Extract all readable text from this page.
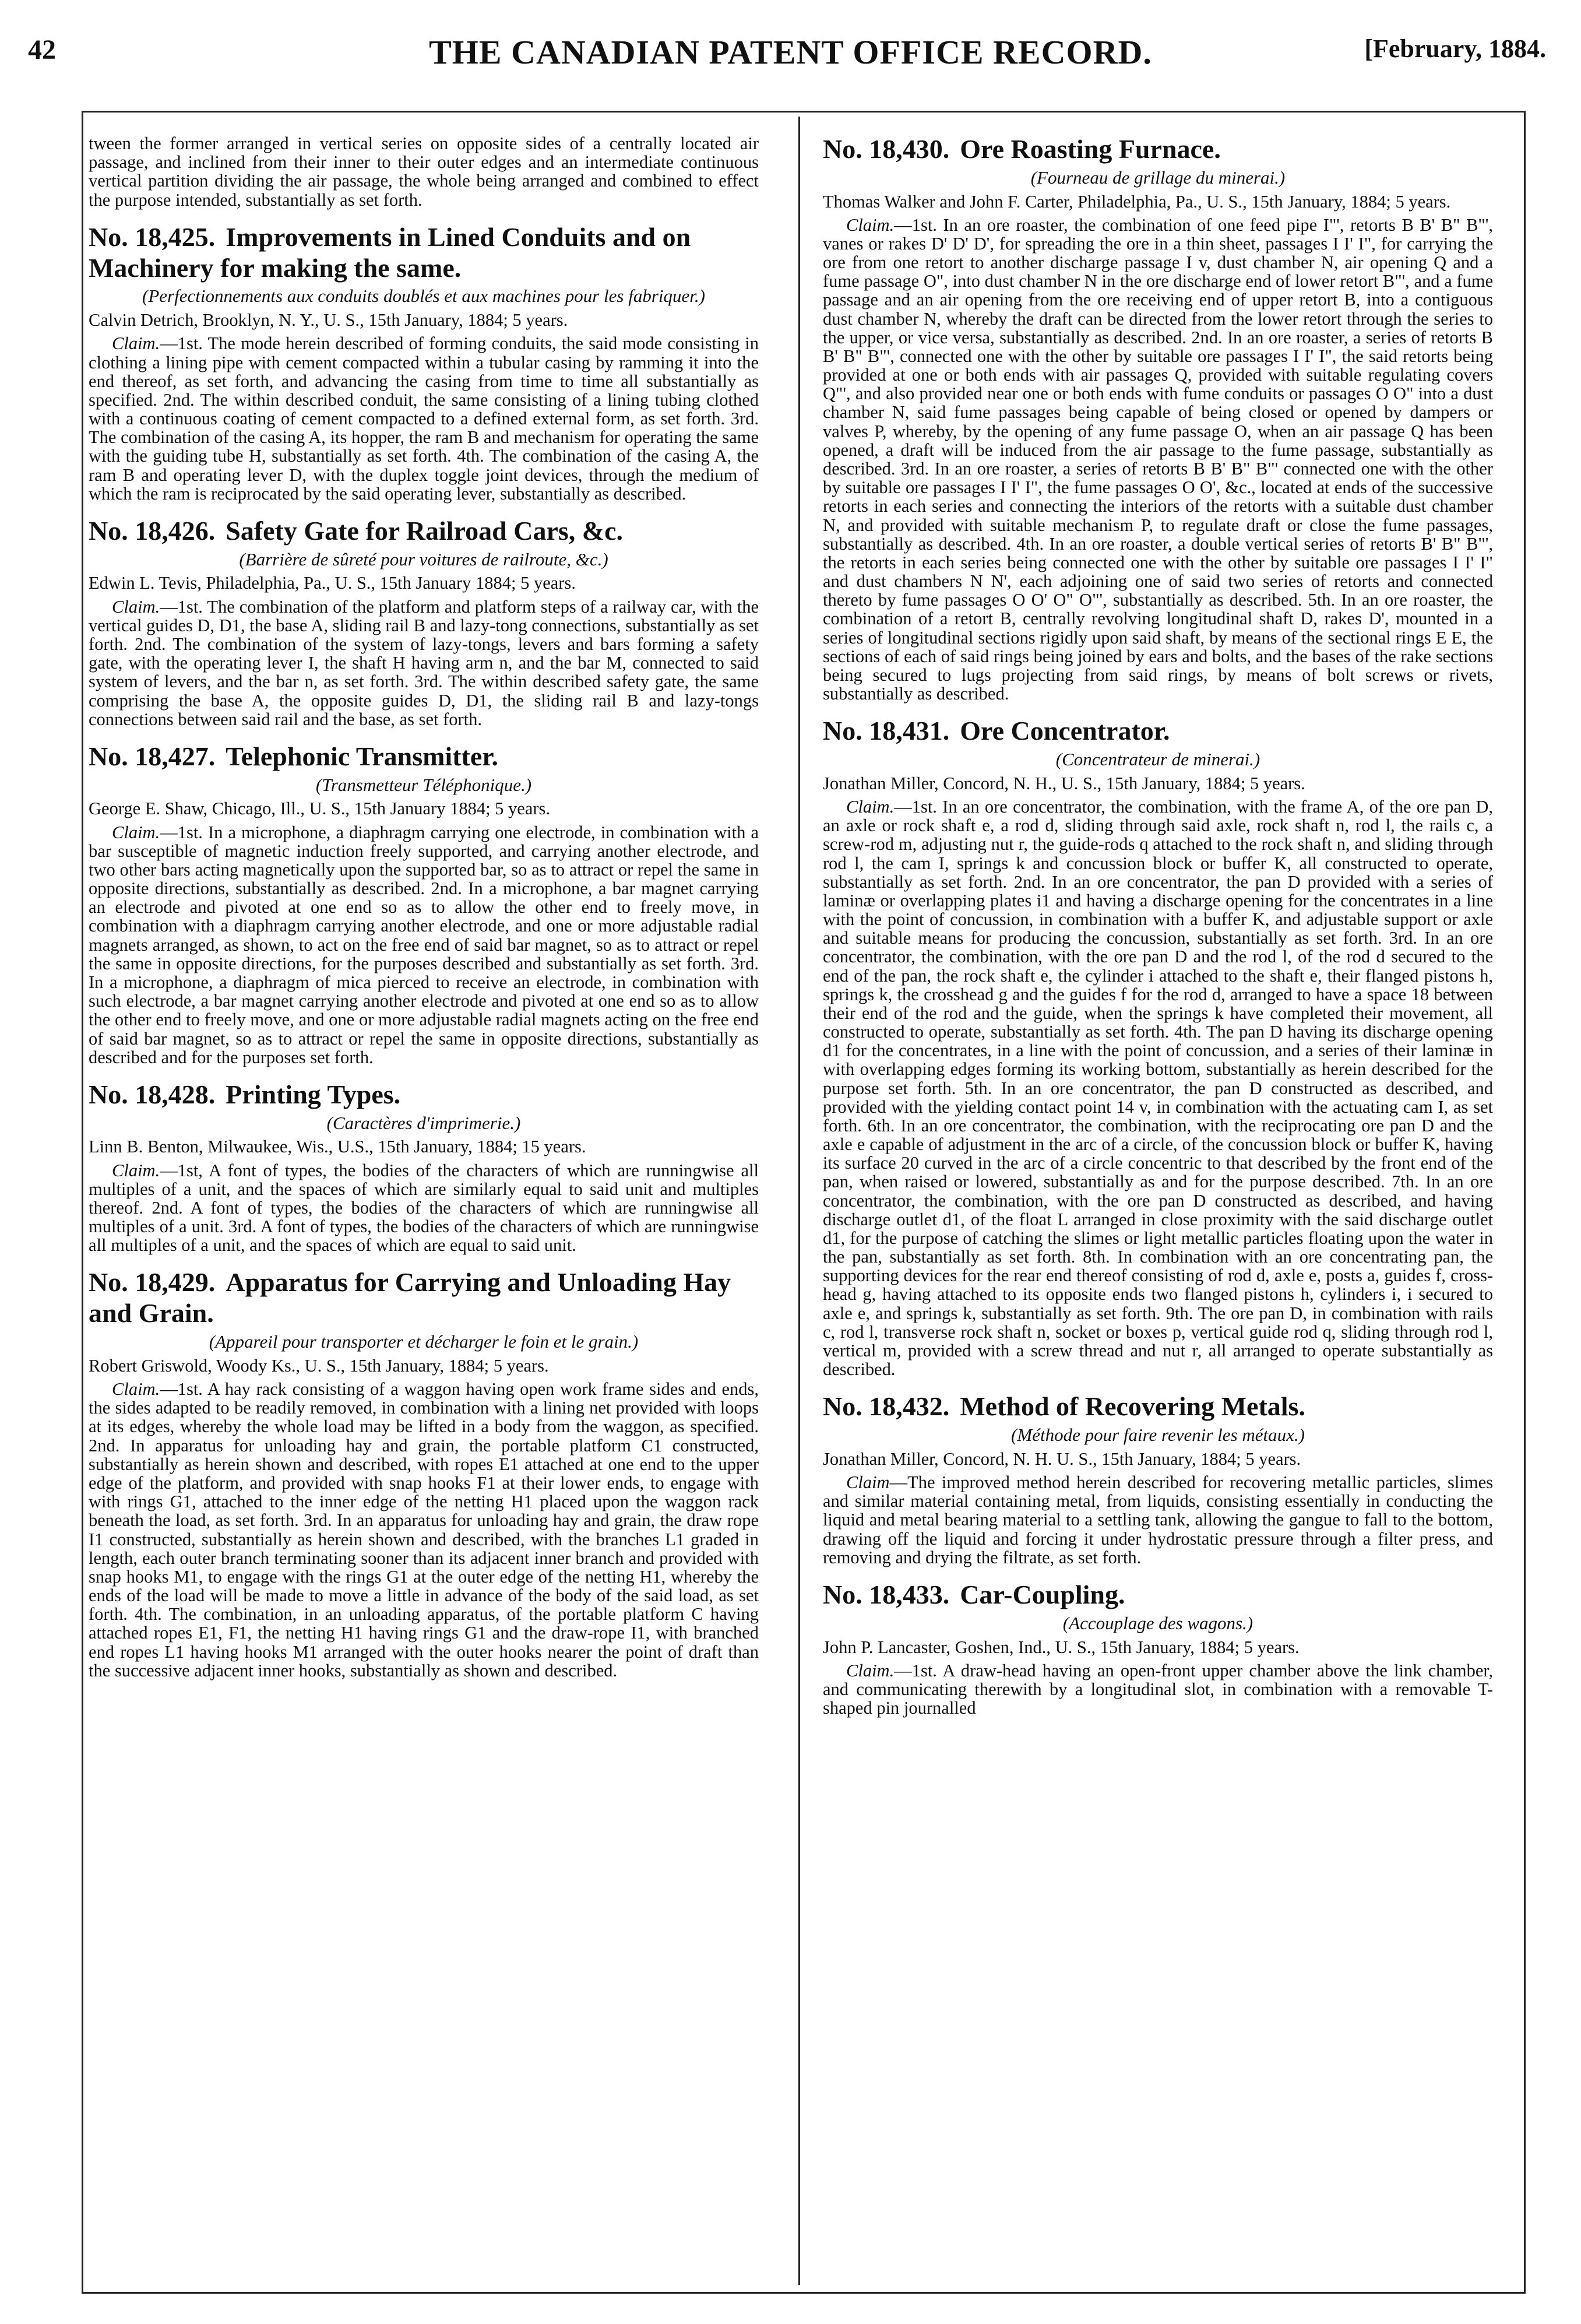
42	THE CANADIAN PATENT OFFICE RECORD.	[February, 1884.

tween the former arranged in vertical series on opposite sides of a centrally located air passage, and inclined from their inner to their outer edges and an intermediate continuous vertical partition dividing the air passage, the whole being arranged and combined to effect the purpose intended, substantially as set forth.

No. 18,425. Improvements in Lined Conduits and on Machinery for making the same.
(Perfectionnements aux conduits doublés et aux machines pour les fabriquer.)
Calvin Detrich, Brooklyn, N. Y., U. S., 15th January, 1884; 5 years.

Claim.—1st. The mode herein described of forming conduits, the said mode consisting in clothing a lining pipe with cement compacted within a tubular casing by ramming it into the end thereof, as set forth, and advancing the casing from time to time all substantially as specified. 2nd. The within described conduit, the same consisting of a lining tubing clothed with a continuous coating of cement compacted to a defined external form, as set forth. 3rd. The combination of the casing A, its hopper, the ram B and mechanism for operating the same with the guiding tube H, substantially as set forth. 4th. The combination of the casing A, the ram B and operating lever D, with the duplex toggle joint devices, through the medium of which the ram is reciprocated by the said operating lever, substantially as described.

No. 18,426. Safety Gate for Railroad Cars, &c.
(Barrière de sûreté pour voitures de railroute, &c.)
Edwin L. Tevis, Philadelphia, Pa., U. S., 15th January 1884; 5 years.

Claim.—1st. The combination of the platform and platform steps of a railway car, with the vertical guides D, D1, the base A, sliding rail B and lazy-tong connections, substantially as set forth. 2nd. The combination of the system of lazy-tongs, levers and bars forming a safety gate, with the operating lever I, the shaft H having arm n, and the bar M, connected to said system of levers, and the bar n, as set forth. 3rd. The within described safety gate, the same comprising the base A, the opposite guides D, D1, the sliding rail B and lazy-tongs connections between said rail and the base, as set forth.

No. 18,427. Telephonic Transmitter.
(Transmetteur Téléphonique.)
George E. Shaw, Chicago, Ill., U. S., 15th January 1884; 5 years.

Claim.—1st. In a microphone, a diaphragm carrying one electrode, in combination with a bar susceptible of magnetic induction freely supported, and carrying another electrode, and two other bars acting magnetically upon the supported bar, so as to attract or repel the same in opposite directions, substantially as described. 2nd. In a microphone, a bar magnet carrying an electrode and pivoted at one end so as to allow the other end to freely move, in combination with a diaphragm carrying another electrode, and one or more adjustable radial magnets arranged, as shown, to act on the free end of said bar magnet, so as to attract or repel the same in opposite directions, for the purposes described and substantially as set forth. 3rd. In a microphone, a diaphragm of mica pierced to receive an electrode, in combination with such electrode, a bar magnet carrying another electrode and pivoted at one end so as to allow the other end to freely move, and one or more adjustable radial magnets acting on the free end of said bar magnet, so as to attract or repel the same in opposite directions, substantially as described and for the purposes set forth.

No. 18,428. Printing Types.
(Caractères d'imprimerie.)
Linn B. Benton, Milwaukee, Wis., U.S., 15th January, 1884; 15 years.

Claim.—1st, A font of types, the bodies of the characters of which are runningwise all multiples of a unit, and the spaces of which are similarly equal to said unit and multiples thereof. 2nd. A font of types, the bodies of the characters of which are runningwise all multiples of a unit. 3rd. A font of types, the bodies of the characters of which are runningwise all multiples of a unit, and the spaces of which are equal to said unit.

No. 18,429. Apparatus for Carrying and Unloading Hay and Grain.
(Appareil pour transporter et décharger le foin et le grain.)
Robert Griswold, Woody Ks., U. S., 15th January, 1884; 5 years.

Claim.—1st. A hay rack consisting of a waggon having open work frame sides and ends, the sides adapted to be readily removed, in combination with a lining net provided with loops at its edges, whereby the whole load may be lifted in a body from the waggon, as specified. 2nd. In apparatus for unloading hay and grain, the portable platform C1 constructed, substantially as herein shown and described, with ropes E1 attached at one end to the upper edge of the platform, and provided with snap hooks F1 at their lower ends, to engage with with rings G1, attached to the inner edge of the netting H1 placed upon the waggon rack beneath the load, as set forth. 3rd. In an apparatus for unloading hay and grain, the draw rope I1 constructed, substantially as herein shown and described, with the branches L1 graded in length, each outer branch terminating sooner than its adjacent inner branch and provided with snap hooks M1, to engage with the rings G1 at the outer edge of the netting H1, whereby the ends of the load will be made to move a little in advance of the body of the said load, as set forth. 4th. The combination, in an unloading apparatus, of the portable platform C having attached ropes E1, F1, the netting H1 having rings G1 and the draw-rope I1, with branched end ropes L1 having hooks M1 arranged with the outer hooks nearer the point of draft than the successive adjacent inner hooks, substantially as shown and described.

No. 18,430. Ore Roasting Furnace.
(Fourneau de grillage du minerai.)
Thomas Walker and John F. Carter, Philadelphia, Pa., U. S., 15th January, 1884; 5 years.

Claim.—1st. In an ore roaster, the combination of one feed pipe I"', retorts B B' B" B"', vanes or rakes D' D' D', for spreading the ore in a thin sheet, passages I I' I", for carrying the ore from one retort to another discharge passage I v, dust chamber N, air opening Q and a fume passage O", into dust chamber N in the ore discharge end of lower retort B"', and a fume passage and an air opening from the ore receiving end of upper retort B, into a contiguous dust chamber N, whereby the draft can be directed from the lower retort through the series to the upper, or vice versa, substantially as described. 2nd. In an ore roaster, a series of retorts B B' B" B"', connected one with the other by suitable ore passages I I' I", the said retorts being provided at one or both ends with air passages Q, provided with suitable regulating covers Q"', and also provided near one or both ends with fume conduits or passages O O" into a dust chamber N, said fume passages being capable of being closed or opened by dampers or valves P, whereby, by the opening of any fume passage O, when an air passage Q has been opened, a draft will be induced from the air passage to the fume passage, substantially as described. 3rd. In an ore roaster, a series of retorts B B' B" B"' connected one with the other by suitable ore passages I I' I", the fume passages O O', &c., located at ends of the successive retorts in each series and connecting the interiors of the retorts with a suitable dust chamber N, and provided with suitable mechanism P, to regulate draft or close the fume passages, substantially as described. 4th. In an ore roaster, a double vertical series of retorts B' B" B"', the retorts in each series being connected one with the other by suitable ore passages I I' I" and dust chambers N N', each adjoining one of said two series of retorts and connected thereto by fume passages O O' O" O"', substantially as described. 5th. In an ore roaster, the combination of a retort B, centrally revolving longitudinal shaft D, rakes D', mounted in a series of longitudinal sections rigidly upon said shaft, by means of the sectional rings E E, the sections of each of said rings being joined by ears and bolts, and the bases of the rake sections being secured to lugs projecting from said rings, by means of bolt screws or rivets, substantially as described.

No. 18,431. Ore Concentrator.
(Concentrateur de minerai.)
Jonathan Miller, Concord, N. H., U. S., 15th January, 1884; 5 years.

Claim.—1st. In an ore concentrator, the combination, with the frame A, of the ore pan D, an axle or rock shaft e, a rod d, sliding through said axle, rock shaft n, rod l, the rails c, a screw-rod m, adjusting nut r, the guide-rods q attached to the rock shaft n, and sliding through rod l, the cam I, springs k and concussion block or buffer K, all constructed to operate, substantially as set forth. 2nd. In an ore concentrator, the pan D provided with a series of laminæ or overlapping plates i1 and having a discharge opening for the concentrates in a line with the point of concussion, in combination with a buffer K, and adjustable support or axle and suitable means for producing the concussion, substantially as set forth. 3rd. In an ore concentrator, the combination, with the ore pan D and the rod l, of the rod d secured to the end of the pan, the rock shaft e, the cylinder i attached to the shaft e, their flanged pistons h, springs k, the crosshead g and the guides f for the rod d, arranged to have a space 18 between their end of the rod and the guide, when the springs k have completed their movement, all constructed to operate, substantially as set forth. 4th. The pan D having its discharge opening d1 for the concentrates, in a line with the point of concussion, and a series of their laminæ in with overlapping edges forming its working bottom, substantially as herein described for the purpose set forth. 5th. In an ore concentrator, the pan D constructed as described, and provided with the yielding contact point 14 v, in combination with the actuating cam I, as set forth. 6th. In an ore concentrator, the combination, with the reciprocating ore pan D and the axle e capable of adjustment in the arc of a circle, of the concussion block or buffer K, having its surface 20 curved in the arc of a circle concentric to that described by the front end of the pan, when raised or lowered, substantially as and for the purpose described. 7th. In an ore concentrator, the combination, with the ore pan D constructed as described, and having discharge outlet d1, of the float L arranged in close proximity with the said discharge outlet d1, for the purpose of catching the slimes or light metallic particles floating upon the water in the pan, substantially as set forth. 8th. In combination with an ore concentrating pan, the supporting devices for the rear end thereof consisting of rod d, axle e, posts a, guides f, cross-head g, having attached to its opposite ends two flanged pistons h, cylinders i, i secured to axle e, and springs k, substantially as set forth. 9th. The ore pan D, in combination with rails c, rod l, transverse rock shaft n, socket or boxes p, vertical guide rod q, sliding through rod l, vertical m, provided with a screw thread and nut r, all arranged to operate substantially as described.

No. 18,432. Method of Recovering Metals.
(Méthode pour faire revenir les métaux.)
Jonathan Miller, Concord, N. H. U. S., 15th January, 1884; 5 years.

Claim—The improved method herein described for recovering metallic particles, slimes and similar material containing metal, from liquids, consisting essentially in conducting the liquid and metal bearing material to a settling tank, allowing the gangue to fall to the bottom, drawing off the liquid and forcing it under hydrostatic pressure through a filter press, and removing and drying the filtrate, as set forth.

No. 18,433. Car-Coupling.
(Accouplage des wagons.)
John P. Lancaster, Goshen, Ind., U. S., 15th January, 1884; 5 years.

Claim.—1st. A draw-head having an open-front upper chamber above the link chamber, and communicating therewith by a longitudinal slot, in combination with a removable T-shaped pin journalled
